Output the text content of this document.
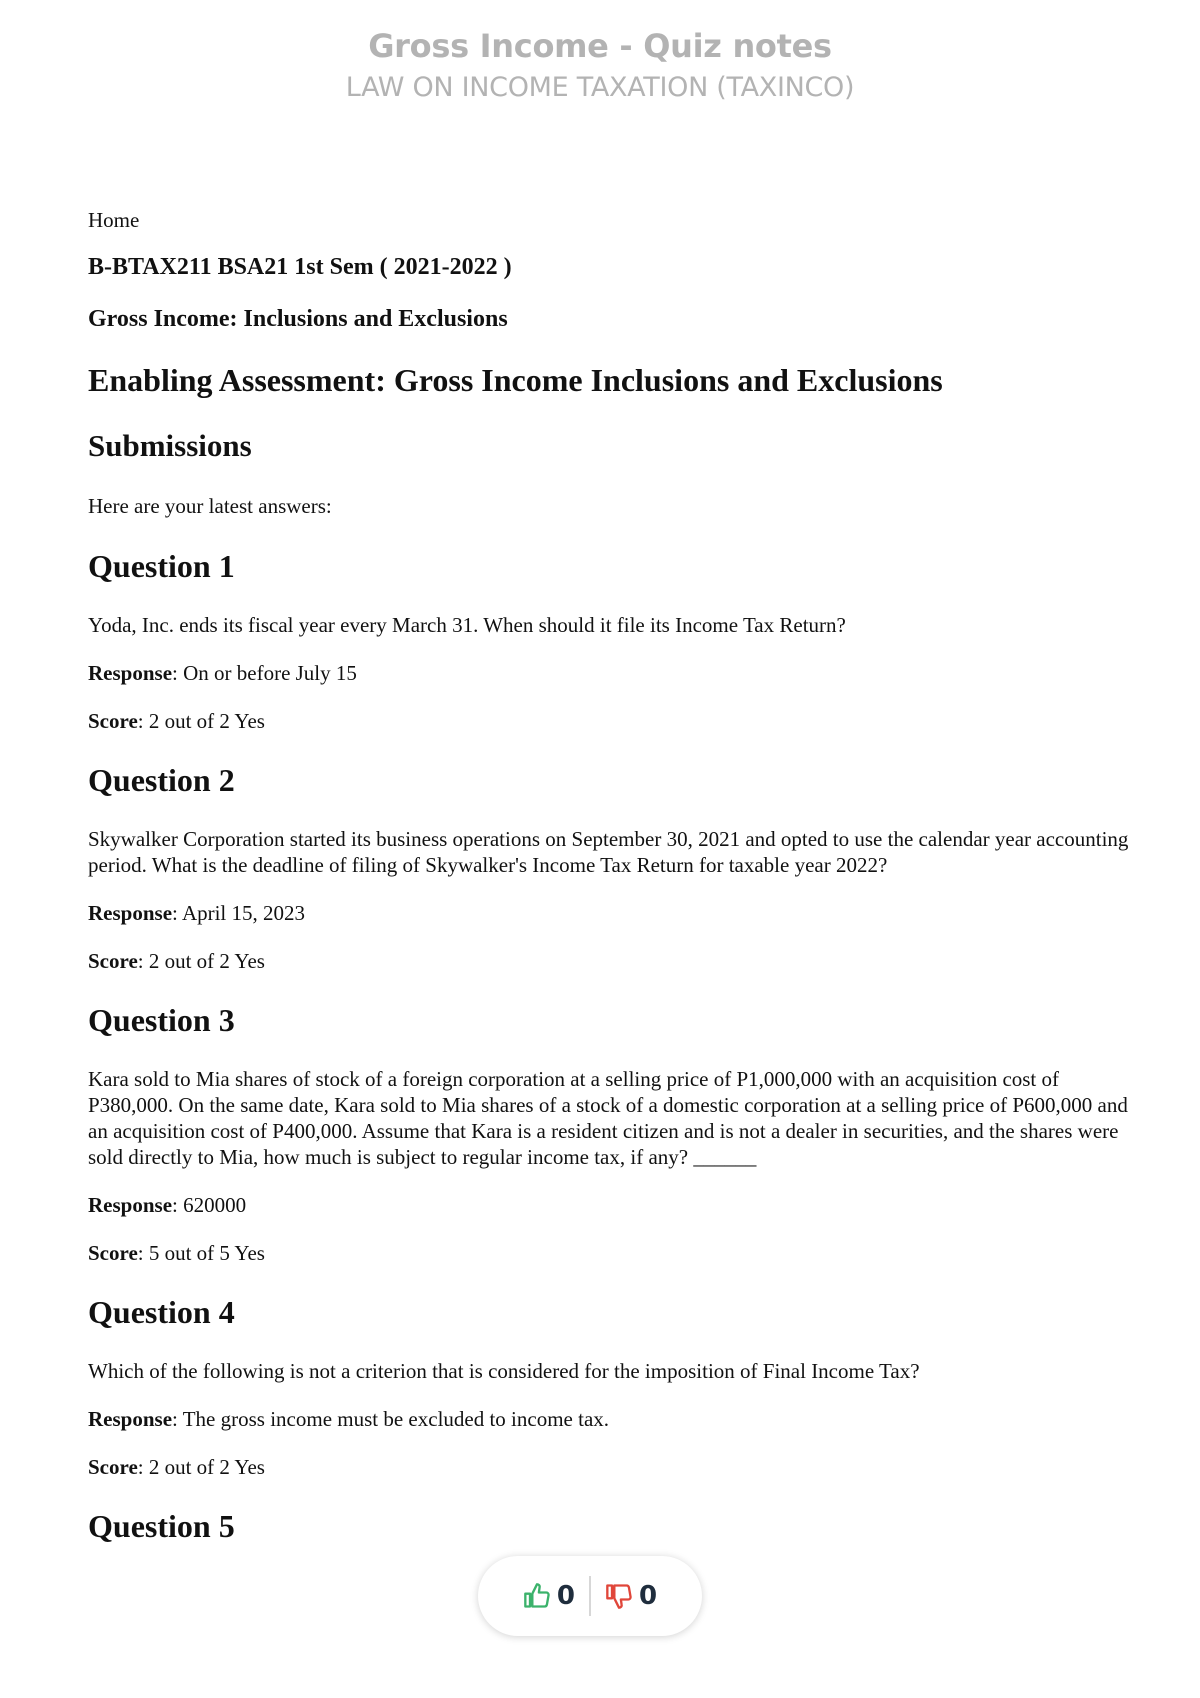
Gross Income - Quiz notes
LAW ON INCOME TAXATION (TAXINCO)
Home
B-BTAX211 BSA21 1st Sem ( 2021-2022 )
Gross Income: Inclusions and Exclusions
Enabling Assessment: Gross Income Inclusions and Exclusions
Submissions
Here are your latest answers:
Question 1
Yoda, Inc. ends its fiscal year every March 31. When should it file its Income Tax Return?
Response: On or before July 15
Score: 2 out of 2 Yes
Question 2
Skywalker Corporation started its business operations on September 30, 2021 and opted to use the calendar year accounting period. What is the deadline of filing of Skywalker's Income Tax Return for taxable year 2022?
Response: April 15, 2023
Score: 2 out of 2 Yes
Question 3
Kara sold to Mia shares of stock of a foreign corporation at a selling price of P1,000,000 with an acquisition cost of P380,000. On the same date, Kara sold to Mia shares of a stock of a domestic corporation at a selling price of P600,000 and an acquisition cost of P400,000. Assume that Kara is a resident citizen and is not a dealer in securities, and the shares were sold directly to Mia, how much is subject to regular income tax, if any? ______
Response: 620000
Score: 5 out of 5 Yes
Question 4
Which of the following is not a criterion that is considered for the imposition of Final Income Tax?
Response: The gross income must be excluded to income tax.
Score: 2 out of 2 Yes
Question 5
0 0
